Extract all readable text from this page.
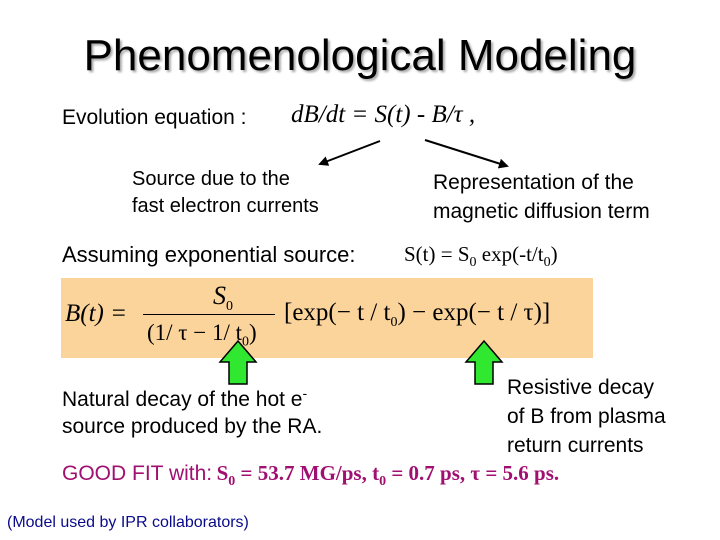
Phenomenological Modeling
Evolution equation : dB/dt = S(t) - B/τ ,
Source due to the
fast electron currents
Representation of the
magnetic diffusion term
Assuming exponential source: $S(t) = S_0$ $\exp(-t/t_0)$
B(t) =
$S_0$
(1/ τ − 1/ $t_0$)
$[\exp(- t / t_0) - \exp(- t / \tau)]$
Natural decay of the hot e-
source produced by the RA.
Resistive decay
of B from plasma
return currents
GOOD FIT with: $S_0 = 53.7$ MG/ps, $t_0 = 0.7$ ps, τ = 5.6 ps.
(Model used by IPR collaborators)
